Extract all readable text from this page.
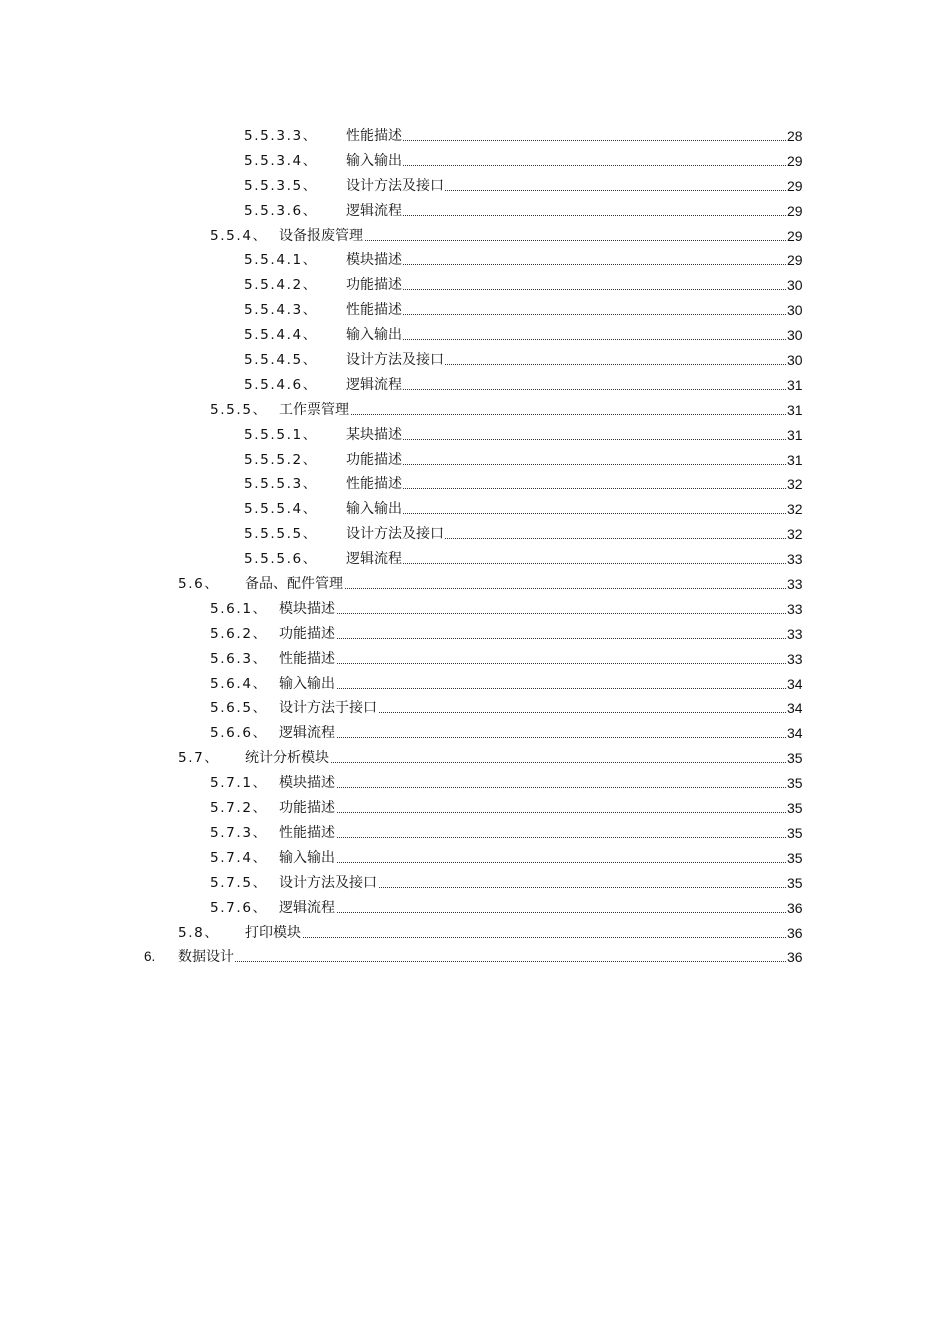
5.5.3.3、 性能描述	28
5.5.3.4、 输入输出	29
5.5.3.5、 设计方法及接口	29
5.5.3.6、 逻辑流程	29
5.5.4、 设备报废管理	29
5.5.4.1、 模块描述	29
5.5.4.2、 功能描述	30
5.5.4.3、 性能描述	30
5.5.4.4、 输入输出	30
5.5.4.5、 设计方法及接口	30
5.5.4.6、 逻辑流程	31
5.5.5、 工作票管理	31
5.5.5.1、 某块描述	31
5.5.5.2、 功能描述	31
5.5.5.3、 性能描述	32
5.5.5.4、 输入输出	32
5.5.5.5、 设计方法及接口	32
5.5.5.6、 逻辑流程	33
5.6、 备品、配件管理	33
5.6.1、 模块描述	33
5.6.2、 功能描述	33
5.6.3、 性能描述	33
5.6.4、 输入输出	34
5.6.5、 设计方法于接口	34
5.6.6、 逻辑流程	34
5.7、 统计分析模块	35
5.7.1、 模块描述	35
5.7.2、 功能描述	35
5.7.3、 性能描述	35
5.7.4、 输入输出	35
5.7.5、 设计方法及接口	35
5.7.6、 逻辑流程	36
5.8、 打印模块	36
6. 数据设计	36
